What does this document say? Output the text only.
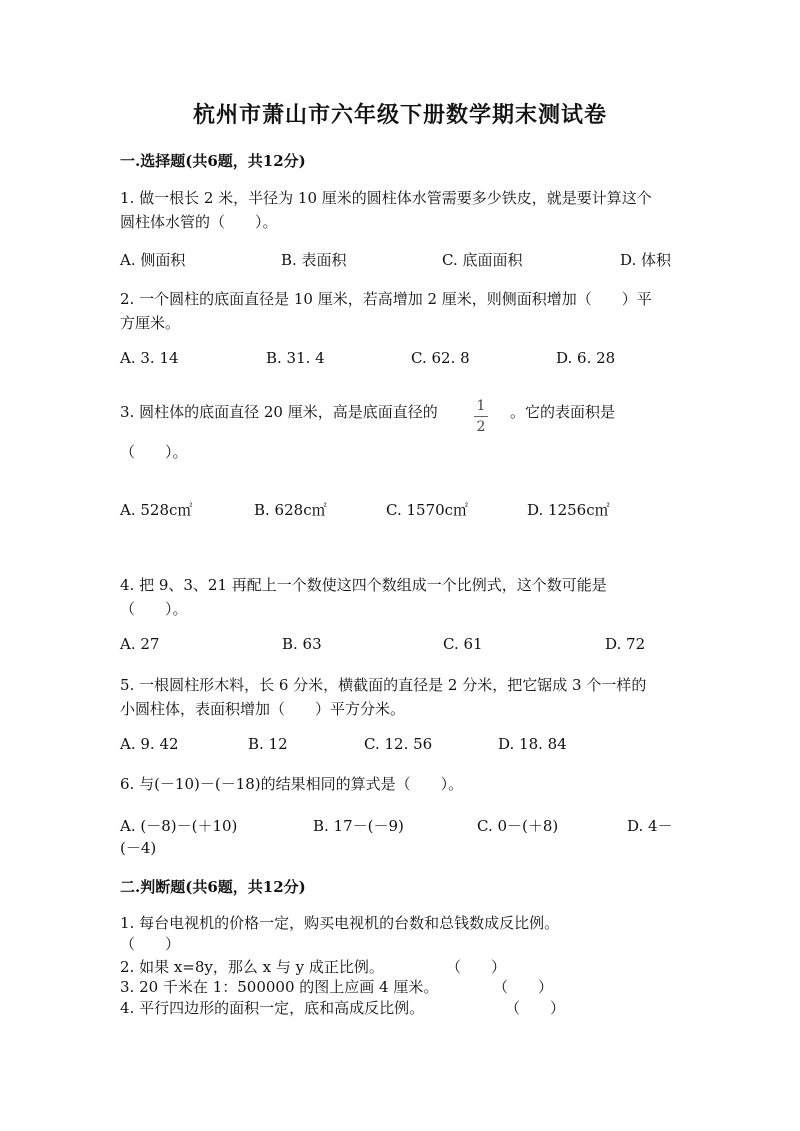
杭州市萧山市六年级下册数学期末测试卷
一.选择题(共6题，共12分)
1. 做一根长 2 米，半径为 10 厘米的圆柱体水管需要多少铁皮，就是要计算这个
圆柱体水管的（　　）。
A. 侧面积	B. 表面积	C. 底面面积	D. 体积
2. 一个圆柱的底面直径是 10 厘米，若高增加 2 厘米，则侧面积增加（　　）平
方厘米。
A. 3. 14	B. 31. 4	C. 62. 8	D. 6. 28
3. 圆柱体的底面直径 20 厘米，高是底面直径的	1
2
。它的表面积是
（　　）。
A. 528c㎡	B. 628c㎡	C. 1570c㎡	D. 1256c㎡
4. 把 9、3、21 再配上一个数使这四个数组成一个比例式，这个数可能是
（　　）。
A. 27	B. 63	C. 61	D. 72
5. 一根圆柱形木料，长 6 分米，横截面的直径是 2 分米，把它锯成 3 个一样的
小圆柱体，表面积增加（　　）平方分米。
A. 9. 42	B. 12	C. 12. 56	D. 18. 84
6. 与(－10)－(－18)的结果相同的算式是（　　）。
A. (－8)－(＋10)	B. 17－(－9)	C. 0－(＋8)	D. 4－
(－4)
二.判断题(共6题，共12分)
1. 每台电视机的价格一定，购买电视机的台数和总钱数成反比例。
（　　）
2. 如果 x=8y，那么 x 与 y 成正比例。	（　　）
3. 20 千米在 1：500000 的图上应画 4 厘米。	（　　）
4. 平行四边形的面积一定，底和高成反比例。	（　　）
